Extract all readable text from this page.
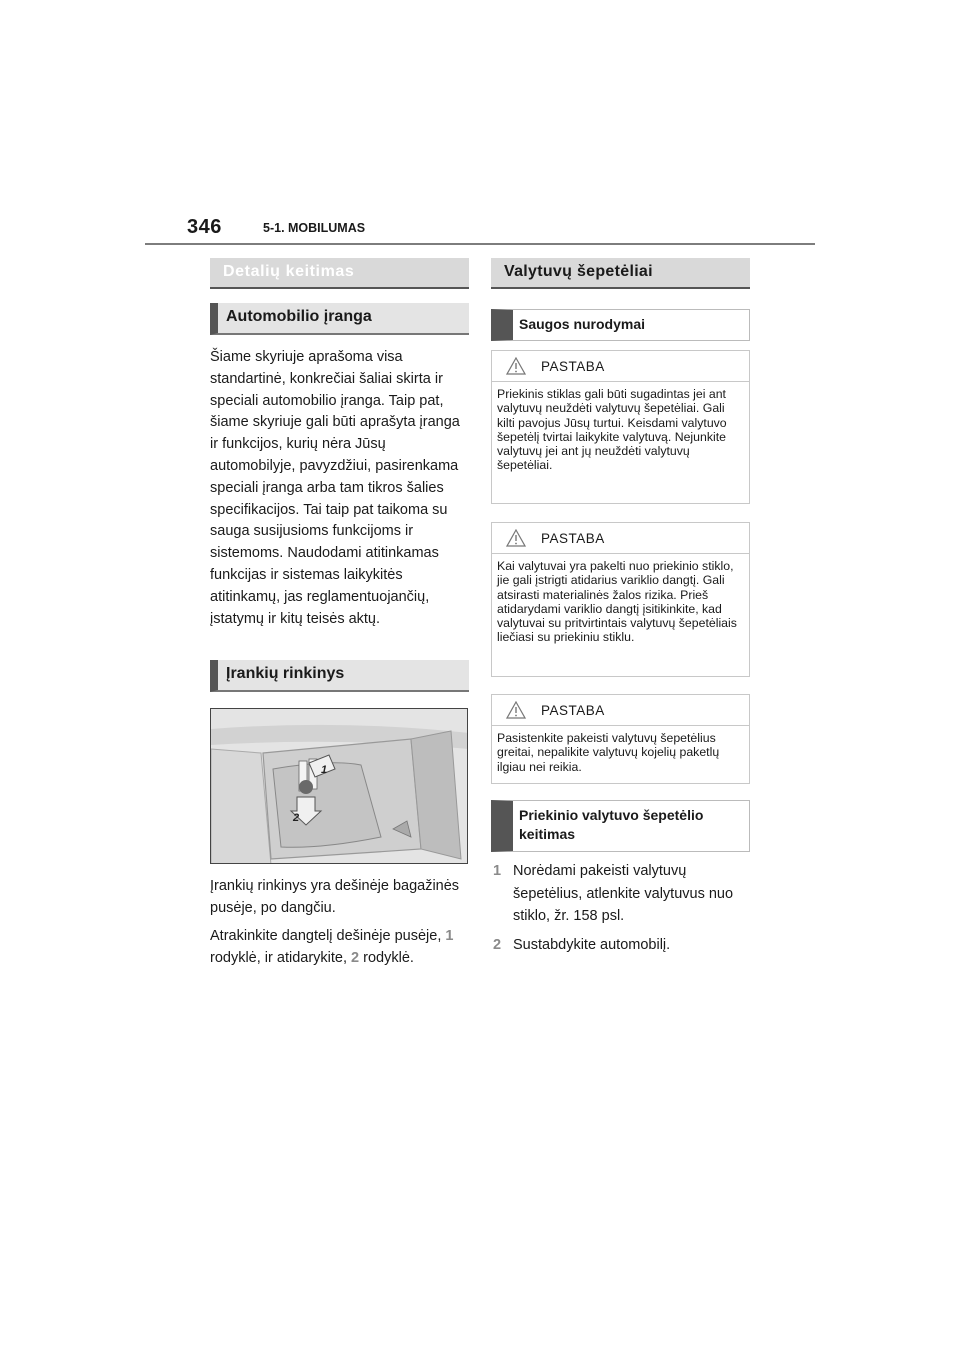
346	5-1. MOBILUMAS
Detalių keitimas
Automobilio įranga

Šiame skyriuje aprašoma visa standartinė, konkrečiai šaliai skirta ir speciali automobilio įranga. Taip pat, šiame skyriuje gali būti aprašyta įranga ir funkcijos, kurių nėra Jūsų automobilyje, pavyzdžiui, pasirenkama speciali įranga arba tam tikros šalies specifikacijos. Tai taip pat taikoma su sauga susijusioms funkcijoms ir sistemoms. Naudodami atitinkamas funkcijas ir sistemas laikykitės atitinkamų, jas reglamentuojančių, įstatymų ir kitų teisės aktų.

Įrankių rinkinys
1
2

Įrankių rinkinys yra dešinėje bagažinės pusėje, po dangčiu.

Atrakinkite dangtelį dešinėje pusėje, 1 rodyklė, ir atidarykite, 2 rodyklė.

Valytuvų šepetėliai
Saugos nurodymai
PASTABA
Priekinis stiklas gali būti sugadintas jei ant valytuvų neuždėti valytuvų šepetėliai. Gali kilti pavojus Jūsų turtui. Keisdami valytuvo šepetėlį tvirtai laikykite valytuvą. Nejunkite valytuvų jei ant jų neuždėti valytuvų šepetėliai.
PASTABA
Kai valytuvai yra pakelti nuo priekinio stiklo, jie gali įstrigti atidarius variklio dangtį. Gali atsirasti materialinės žalos rizika. Prieš atidarydami variklio dangtį įsitikinkite, kad valytuvai su pritvirtintais valytuvų šepetėliais liečiasi su priekiniu stiklu.
PASTABA
Pasistenkite pakeisti valytuvų šepetėlius greitai, nepalikite valytuvų kojelių paketlų ilgiau nei reikia.
Priekinio valytuvo šepetėlio keitimas
1 Norėdami pakeisti valytuvų šepetėlius, atlenkite valytuvus nuo stiklo, žr. 158 psl.
2 Sustabdykite automobilį.
